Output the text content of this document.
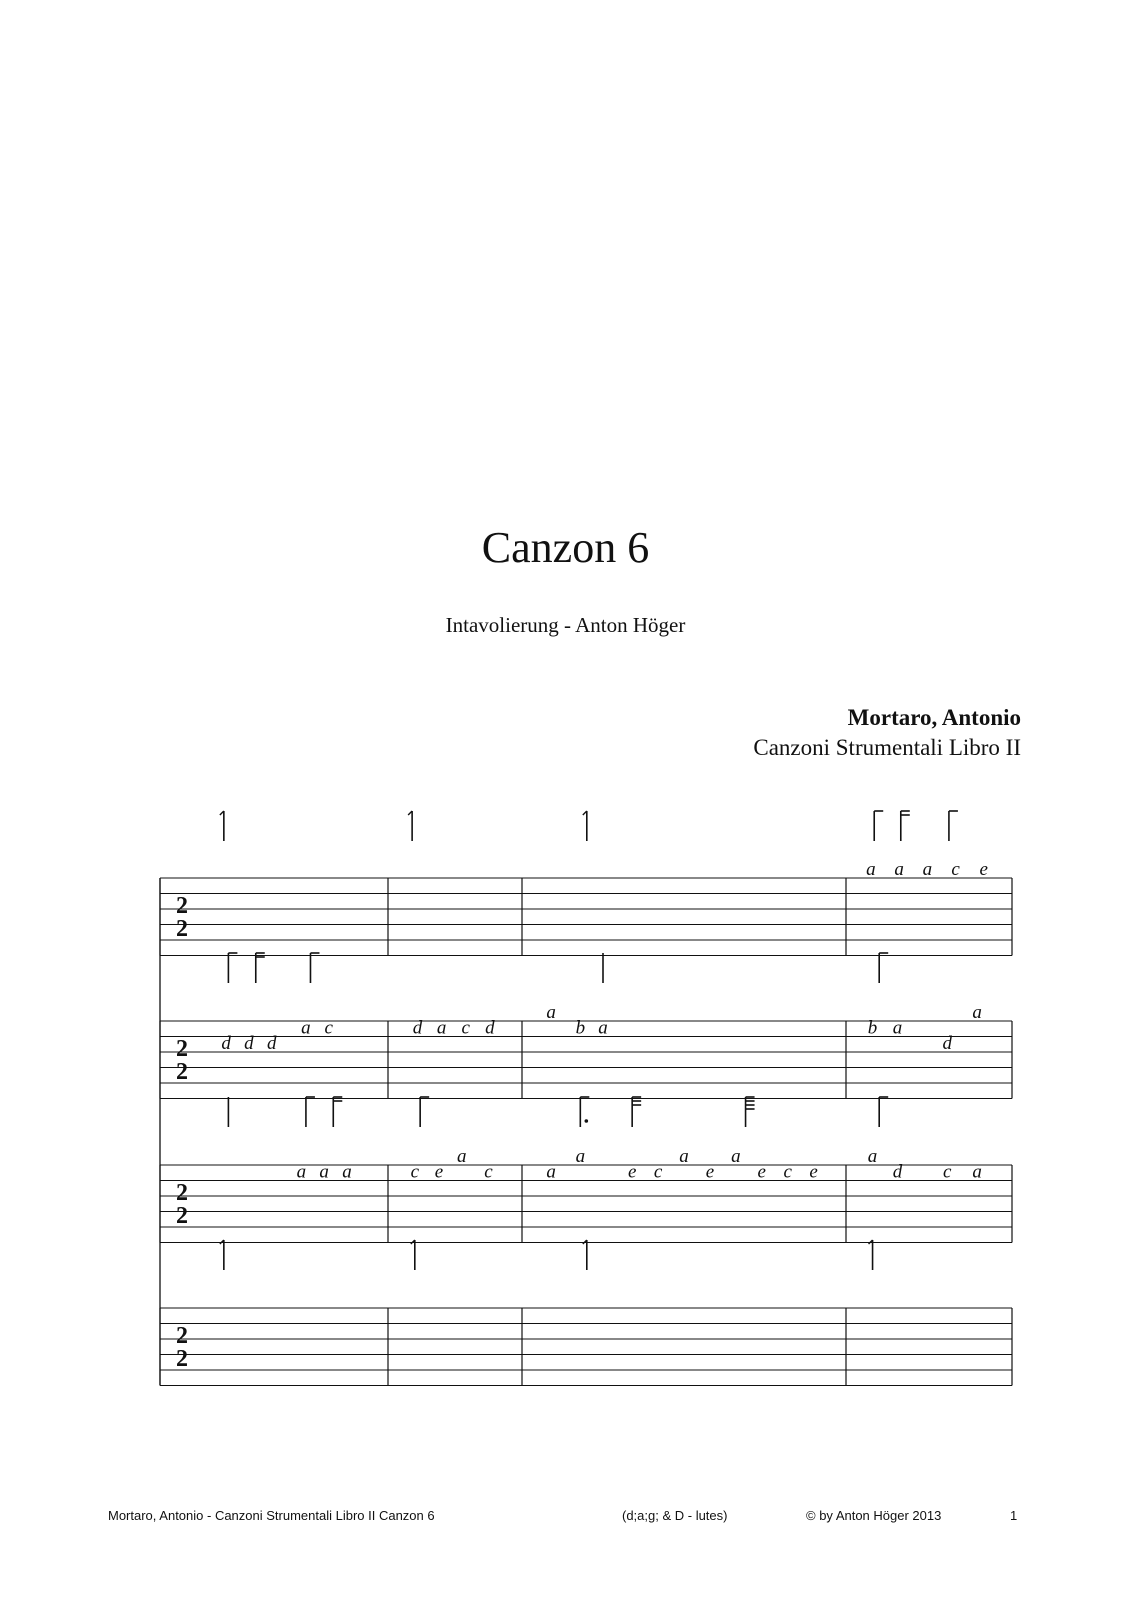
Canzon 6
Intavolierung - Anton Höger
Mortaro, Antonio
Canzoni Strumentali Libro II
2
2
a a a c e
2
2
d d d
a c	d a c d
a
b a	b a
d
a
2
2
a a a	c e
a
c	a
a
e c
a
e
a
e c e
a
d c a
2
2
Mortaro, Antonio - Canzoni Strumentali Libro II Canzon 6	(d;a;g; & D - lutes)	© by Anton Höger 2013	1
